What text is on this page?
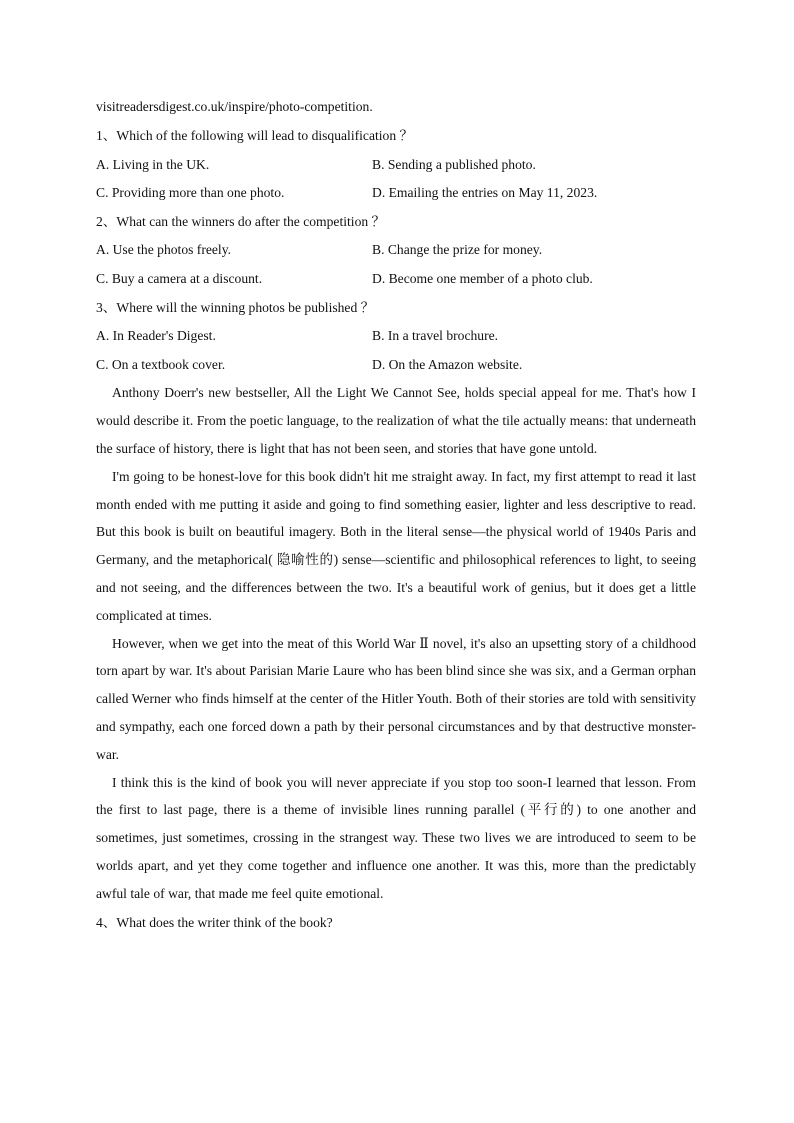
visitreadersdigest.co.uk/inspire/photo-competition.
1、Which of the following will lead to disqualification ？
A. Living in the UK.	B. Sending a published photo.
C. Providing more than one photo.	D. Emailing the entries on May 11, 2023.
2、What can the winners do after the competition ？
A. Use the photos freely.	B. Change the prize for money.
C. Buy a camera at a discount.	D. Become one member of a photo club.
3、Where will the winning photos be published ？
A. In Reader's Digest.	B. In a travel brochure.
C. On a textbook cover.	D. On the Amazon website.

Anthony Doerr's new bestseller, All the Light We Cannot See, holds special appeal for me. That's how I would describe it. From the poetic language, to the realization of what the tile actually means: that underneath the surface of history, there is light that has not been seen, and stories that have gone untold.

I'm going to be honest-love for this book didn't hit me straight away. In fact, my first attempt to read it last month ended with me putting it aside and going to find something easier, lighter and less descriptive to read. But this book is built on beautiful imagery. Both in the literal sense—the physical world of 1940s Paris and Germany, and the metaphorical( 隐喻性的) sense—scientific and philosophical references to light, to seeing and not seeing, and the differences between the two. It's a beautiful work of genius, but it does get a little complicated at times.

However, when we get into the meat of this World War Ⅱ novel, it's also an upsetting story of a childhood torn apart by war. It's about Parisian Marie Laure who has been blind since she was six, and a German orphan called Werner who finds himself at the center of the Hitler Youth. Both of their stories are told with sensitivity and sympathy, each one forced down a path by their personal circumstances and by that destructive monster-war.

I think this is the kind of book you will never appreciate if you stop too soon-I learned that lesson. From the first to last page, there is a theme of invisible lines running parallel (平行的) to one another and sometimes, just sometimes, crossing in the strangest way. These two lives we are introduced to seem to be worlds apart, and yet they come together and influence one another. It was this, more than the predictably awful tale of war, that made me feel quite emotional.

4、What does the writer think of the book?
